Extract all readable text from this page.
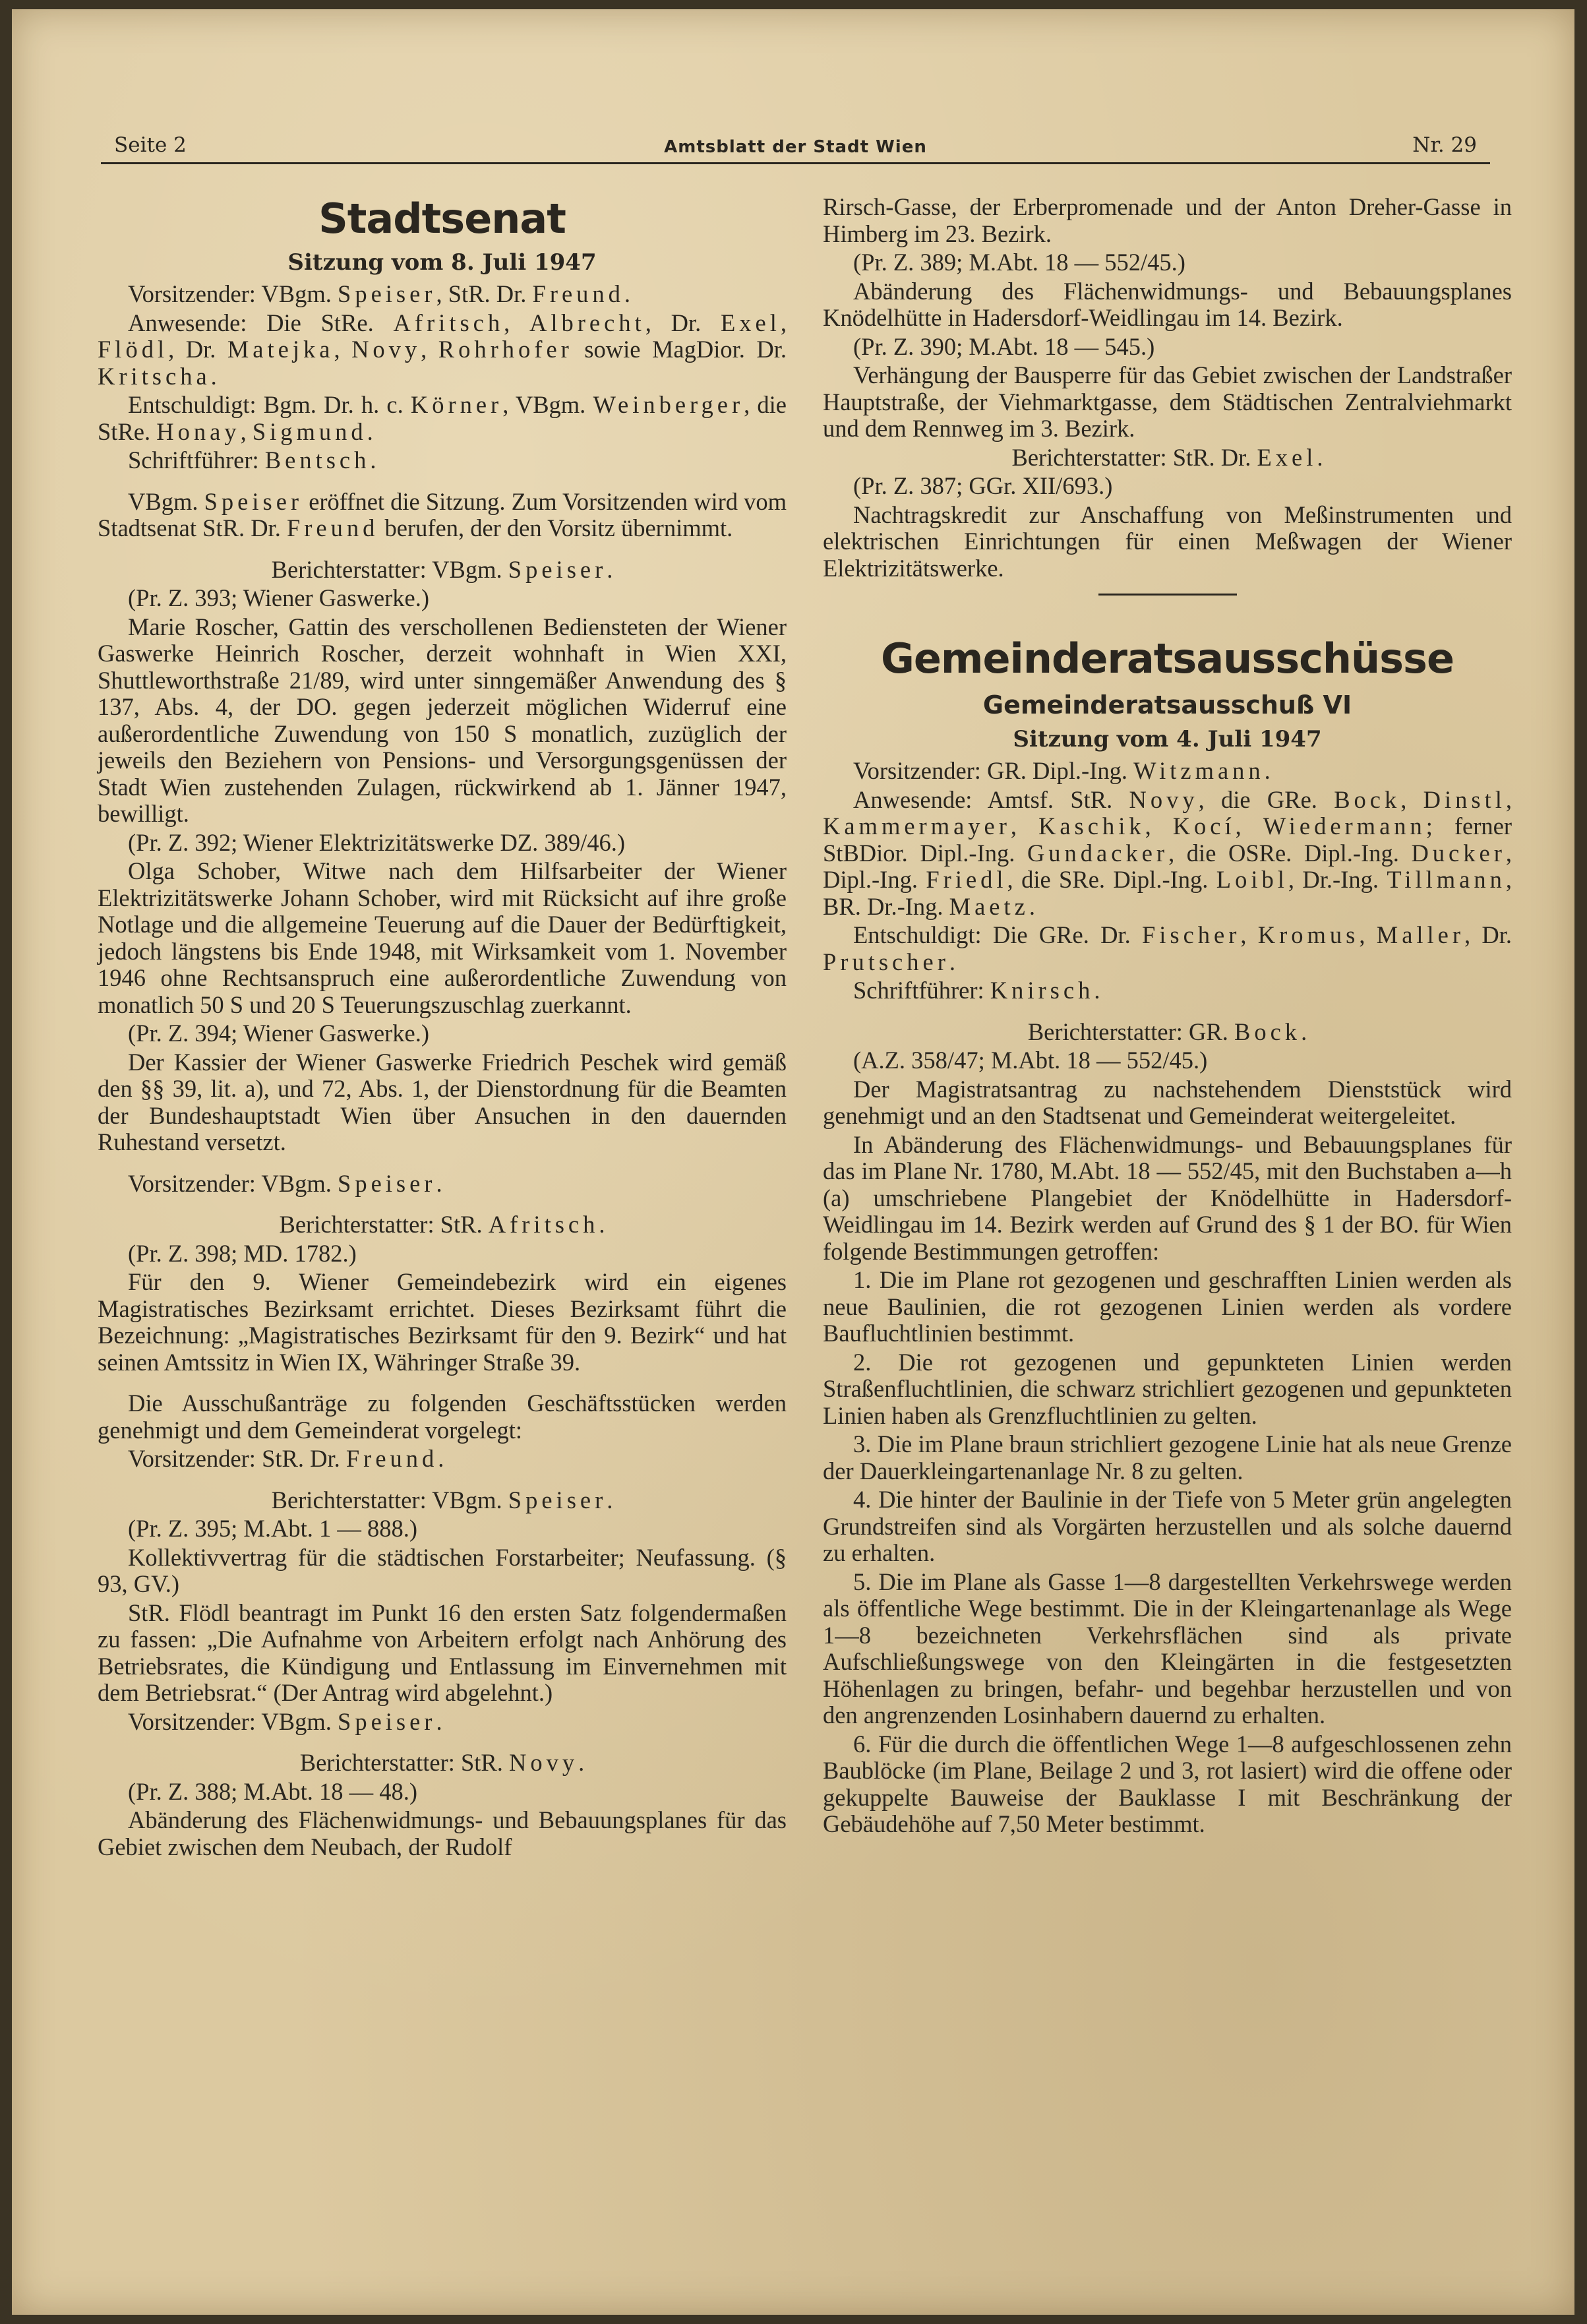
Seite 2	Amtsblatt der Stadt Wien	Nr. 29
Stadtsenat
Sitzung vom 8. Juli 1947

Vorsitzender: VBgm. Speiser, StR. Dr. Freund.

Anwesende: Die StRe. Afritsch, Albrecht, Dr. Exel, Flödl, Dr. Matejka, Novy, Rohrhofer sowie MagDior. Dr. Kritscha.

Entschuldigt: Bgm. Dr. h. c. Körner, VBgm. Weinberger, die StRe. Honay, Sigmund.

Schriftführer: Bentsch.

VBgm. Speiser eröffnet die Sitzung. Zum Vorsitzenden wird vom Stadtsenat StR. Dr. Freund berufen, der den Vorsitz übernimmt.

Berichterstatter: VBgm. Speiser.

(Pr. Z. 393; Wiener Gaswerke.)

Marie Roscher, Gattin des verschollenen Bediensteten der Wiener Gaswerke Heinrich Roscher, derzeit wohnhaft in Wien XXI, Shuttleworthstraße 21/89, wird unter sinngemäßer Anwendung des § 137, Abs. 4, der DO. gegen jederzeit möglichen Widerruf eine außerordentliche Zuwendung von 150 S monatlich, zuzüglich der jeweils den Beziehern von Pensions- und Versorgungsgenüssen der Stadt Wien zustehenden Zulagen, rückwirkend ab 1. Jänner 1947, bewilligt.

(Pr. Z. 392; Wiener Elektrizitätswerke DZ. 389/46.)

Olga Schober, Witwe nach dem Hilfsarbeiter der Wiener Elektrizitätswerke Johann Schober, wird mit Rücksicht auf ihre große Notlage und die allgemeine Teuerung auf die Dauer der Bedürftigkeit, jedoch längstens bis Ende 1948, mit Wirksamkeit vom 1. November 1946 ohne Rechtsanspruch eine außerordentliche Zuwendung von monatlich 50 S und 20 S Teuerungszuschlag zuerkannt.

(Pr. Z. 394; Wiener Gaswerke.)

Der Kassier der Wiener Gaswerke Friedrich Peschek wird gemäß den §§ 39, lit. a), und 72, Abs. 1, der Dienstordnung für die Beamten der Bundeshauptstadt Wien über Ansuchen in den dauernden Ruhestand versetzt.

Vorsitzender: VBgm. Speiser.

Berichterstatter: StR. Afritsch.

(Pr. Z. 398; MD. 1782.)

Für den 9. Wiener Gemeindebezirk wird ein eigenes Magistratisches Bezirksamt errichtet. Dieses Bezirksamt führt die Bezeichnung: „Magistratisches Bezirksamt für den 9. Bezirk“ und hat seinen Amtssitz in Wien IX, Währinger Straße 39.

Die Ausschußanträge zu folgenden Geschäftsstücken werden genehmigt und dem Gemeinderat vorgelegt:

Vorsitzender: StR. Dr. Freund.

Berichterstatter: VBgm. Speiser.

(Pr. Z. 395; M.Abt. 1 — 888.)

Kollektivvertrag für die städtischen Forstarbeiter; Neufassung. (§ 93, GV.)

StR. Flödl beantragt im Punkt 16 den ersten Satz folgendermaßen zu fassen: „Die Aufnahme von Arbeitern erfolgt nach Anhörung des Betriebsrates, die Kündigung und Entlassung im Einvernehmen mit dem Betriebsrat.“ (Der Antrag wird abgelehnt.)

Vorsitzender: VBgm. Speiser.

Berichterstatter: StR. Novy.

(Pr. Z. 388; M.Abt. 18 — 48.)

Abänderung des Flächenwidmungs- und Bebauungsplanes für das Gebiet zwischen dem Neubach, der Rudolf

Rirsch-Gasse, der Erberpromenade und der Anton Dreher-Gasse in Himberg im 23. Bezirk.

(Pr. Z. 389; M.Abt. 18 — 552/45.)

Abänderung des Flächenwidmungs- und Bebauungsplanes Knödelhütte in Hadersdorf-Weidlingau im 14. Bezirk.

(Pr. Z. 390; M.Abt. 18 — 545.)

Verhängung der Bausperre für das Gebiet zwischen der Landstraßer Hauptstraße, der Viehmarktgasse, dem Städtischen Zentralviehmarkt und dem Rennweg im 3. Bezirk.

Berichterstatter: StR. Dr. Exel.

(Pr. Z. 387; GGr. XII/693.)

Nachtragskredit zur Anschaffung von Meßinstrumenten und elektrischen Einrichtungen für einen Meßwagen der Wiener Elektrizitätswerke.

Gemeinderatsausschüsse
Gemeinderatsausschuß VI
Sitzung vom 4. Juli 1947

Vorsitzender: GR. Dipl.-Ing. Witzmann.

Anwesende: Amtsf. StR. Novy, die GRe. Bock, Dinstl, Kammermayer, Kaschik, Kocí, Wiedermann; ferner StBDior. Dipl.-Ing. Gundacker, die OSRe. Dipl.-Ing. Ducker, Dipl.-Ing. Friedl, die SRe. Dipl.-Ing. Loibl, Dr.-Ing. Tillmann, BR. Dr.-Ing. Maetz.

Entschuldigt: Die GRe. Dr. Fischer, Kromus, Maller, Dr. Prutscher.

Schriftführer: Knirsch.

Berichterstatter: GR. Bock.

(A.Z. 358/47; M.Abt. 18 — 552/45.)

Der Magistratsantrag zu nachstehendem Dienststück wird genehmigt und an den Stadtsenat und Gemeinderat weitergeleitet.

In Abänderung des Flächenwidmungs- und Bebauungsplanes für das im Plane Nr. 1780, M.Abt. 18 — 552/45, mit den Buchstaben a—h (a) umschriebene Plangebiet der Knödelhütte in Hadersdorf-Weidlingau im 14. Bezirk werden auf Grund des § 1 der BO. für Wien folgende Bestimmungen getroffen:

1. Die im Plane rot gezogenen und geschrafften Linien werden als neue Baulinien, die rot gezogenen Linien werden als vordere Baufluchtlinien bestimmt.

2. Die rot gezogenen und gepunkteten Linien werden Straßenfluchtlinien, die schwarz strichliert gezogenen und gepunkteten Linien haben als Grenzfluchtlinien zu gelten.

3. Die im Plane braun strichliert gezogene Linie hat als neue Grenze der Dauerkleingartenanlage Nr. 8 zu gelten.

4. Die hinter der Baulinie in der Tiefe von 5 Meter grün angelegten Grundstreifen sind als Vorgärten herzustellen und als solche dauernd zu erhalten.

5. Die im Plane als Gasse 1—8 dargestellten Verkehrswege werden als öffentliche Wege bestimmt. Die in der Kleingartenanlage als Wege 1—8 bezeichneten Verkehrsflächen sind als private Aufschließungswege von den Kleingärten in die festgesetzten Höhenlagen zu bringen, befahr- und begehbar herzustellen und von den angrenzenden Losinhabern dauernd zu erhalten.

6. Für die durch die öffentlichen Wege 1—8 aufgeschlossenen zehn Baublöcke (im Plane, Beilage 2 und 3, rot lasiert) wird die offene oder gekuppelte Bauweise der Bauklasse I mit Beschränkung der Gebäudehöhe auf 7,50 Meter bestimmt.
